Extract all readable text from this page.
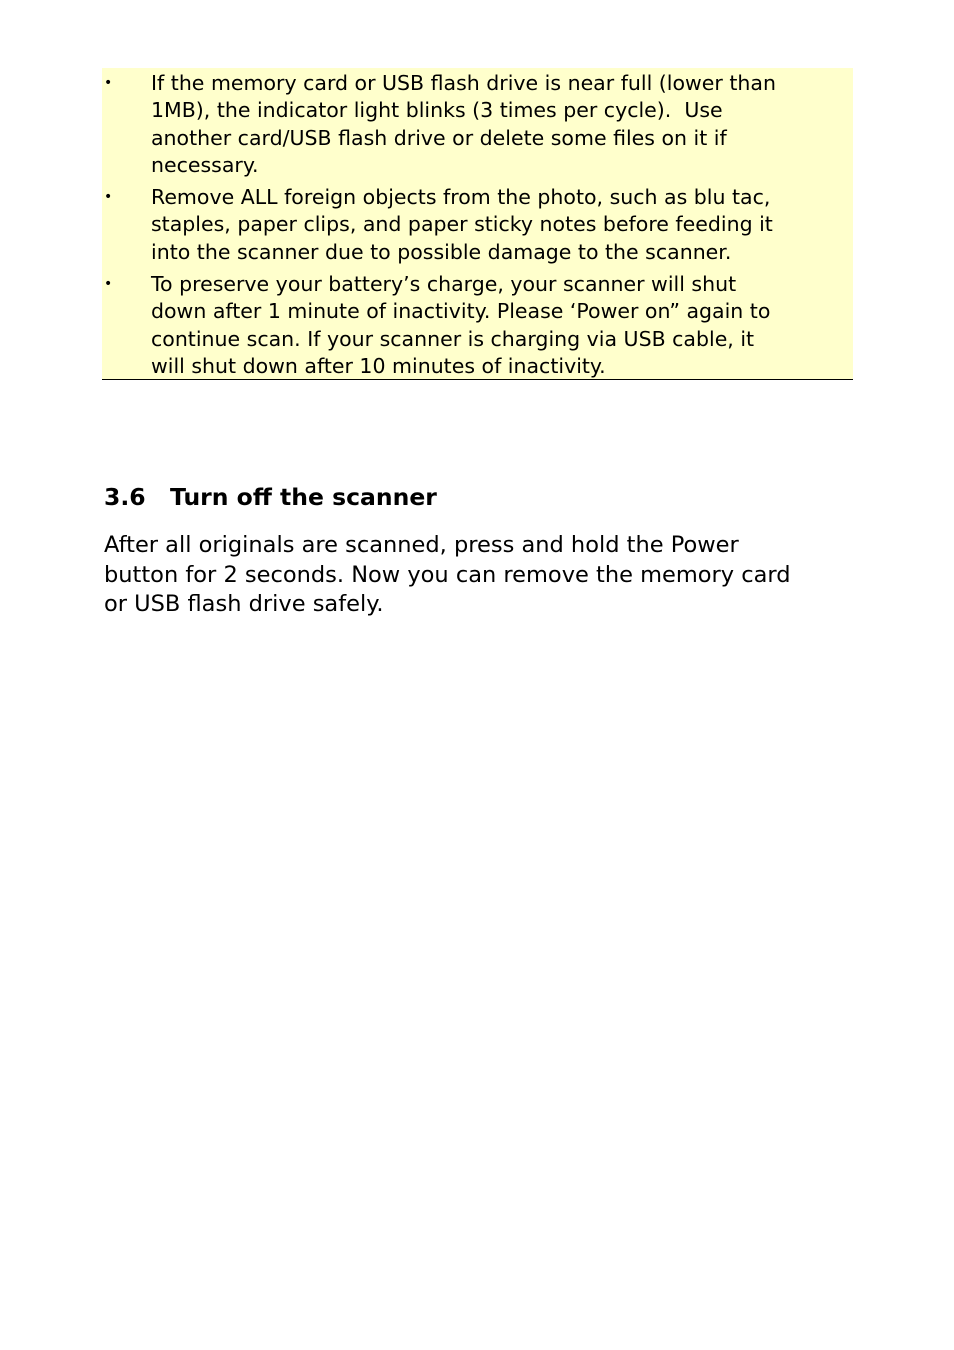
• If the memory card or USB flash drive is near full (lower than
1MB), the indicator light blinks (3 times per cycle).  Use
another card/USB flash drive or delete some files on it if
necessary.
• Remove ALL foreign objects from the photo, such as blu tac,
staples, paper clips, and paper sticky notes before feeding it
into the scanner due to possible damage to the scanner.
• To preserve your battery’s charge, your scanner will shut
down after 1 minute of inactivity. Please ‘Power on” again to
continue scan. If your scanner is charging via USB cable, it
will shut down after 10 minutes of inactivity.
3.6 Turn off the scanner
After all originals are scanned, press and hold the Power
button for 2 seconds. Now you can remove the memory card
or USB flash drive safely.
